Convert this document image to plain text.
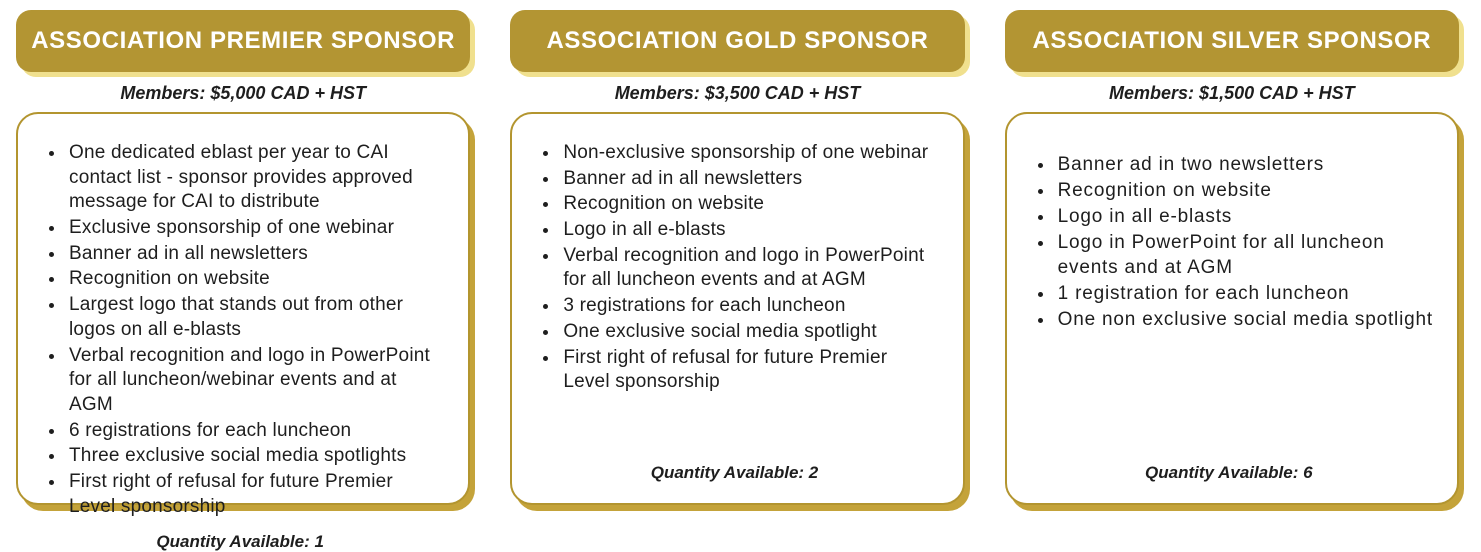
ASSOCIATION PREMIER SPONSOR
Members: $5,000 CAD + HST
• One dedicated eblast per year to CAI contact list - sponsor provides approved message for CAI to distribute
• Exclusive sponsorship of one webinar
• Banner ad in all newsletters
• Recognition on website
• Largest logo that stands out from other logos on all e-blasts
• Verbal recognition and logo in PowerPoint for all luncheon/webinar events and at AGM
• 6 registrations for each luncheon
• Three exclusive social media spotlights
• First right of refusal for future Premier Level sponsorship
Quantity Available: 1
ASSOCIATION GOLD SPONSOR
Members: $3,500 CAD + HST
• Non-exclusive sponsorship of one webinar
• Banner ad in all newsletters
• Recognition on website
• Logo in all e-blasts
• Verbal recognition and logo in PowerPoint for all luncheon events and at AGM
• 3 registrations for each luncheon
• One exclusive social media spotlight
• First right of refusal for future Premier Level sponsorship
Quantity Available: 2
ASSOCIATION SILVER SPONSOR
Members: $1,500 CAD + HST
• Banner ad in two newsletters
• Recognition on website
• Logo in all e-blasts
• Logo in PowerPoint for all luncheon events and at AGM
• 1 registration for each luncheon
• One non exclusive social media spotlight
Quantity Available: 6
